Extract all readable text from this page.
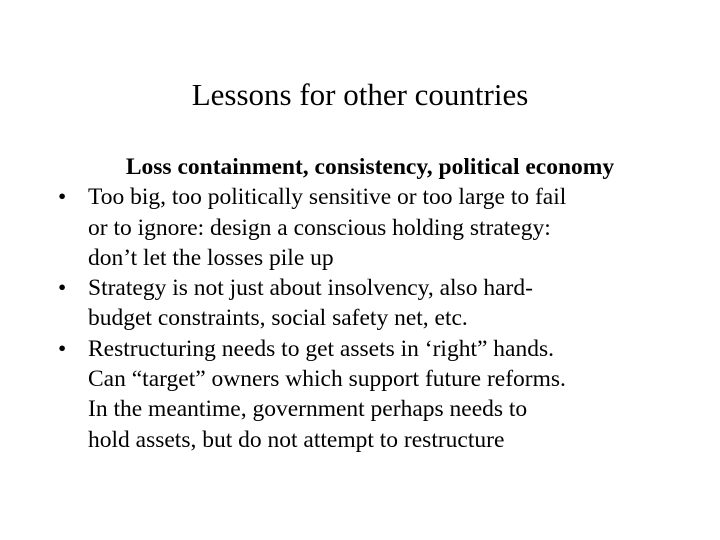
Lessons for other countries
Loss containment, consistency, political economy
• Too big, too politically sensitive or too large to fail
or to ignore: design a conscious holding strategy:
don’t let the losses pile up
• Strategy is not just about insolvency, also hard-
budget constraints, social safety net, etc.
• Restructuring needs to get assets in ‘right” hands.
Can “target” owners which support future reforms.
In the meantime, government perhaps needs to
hold assets, but do not attempt to restructure
